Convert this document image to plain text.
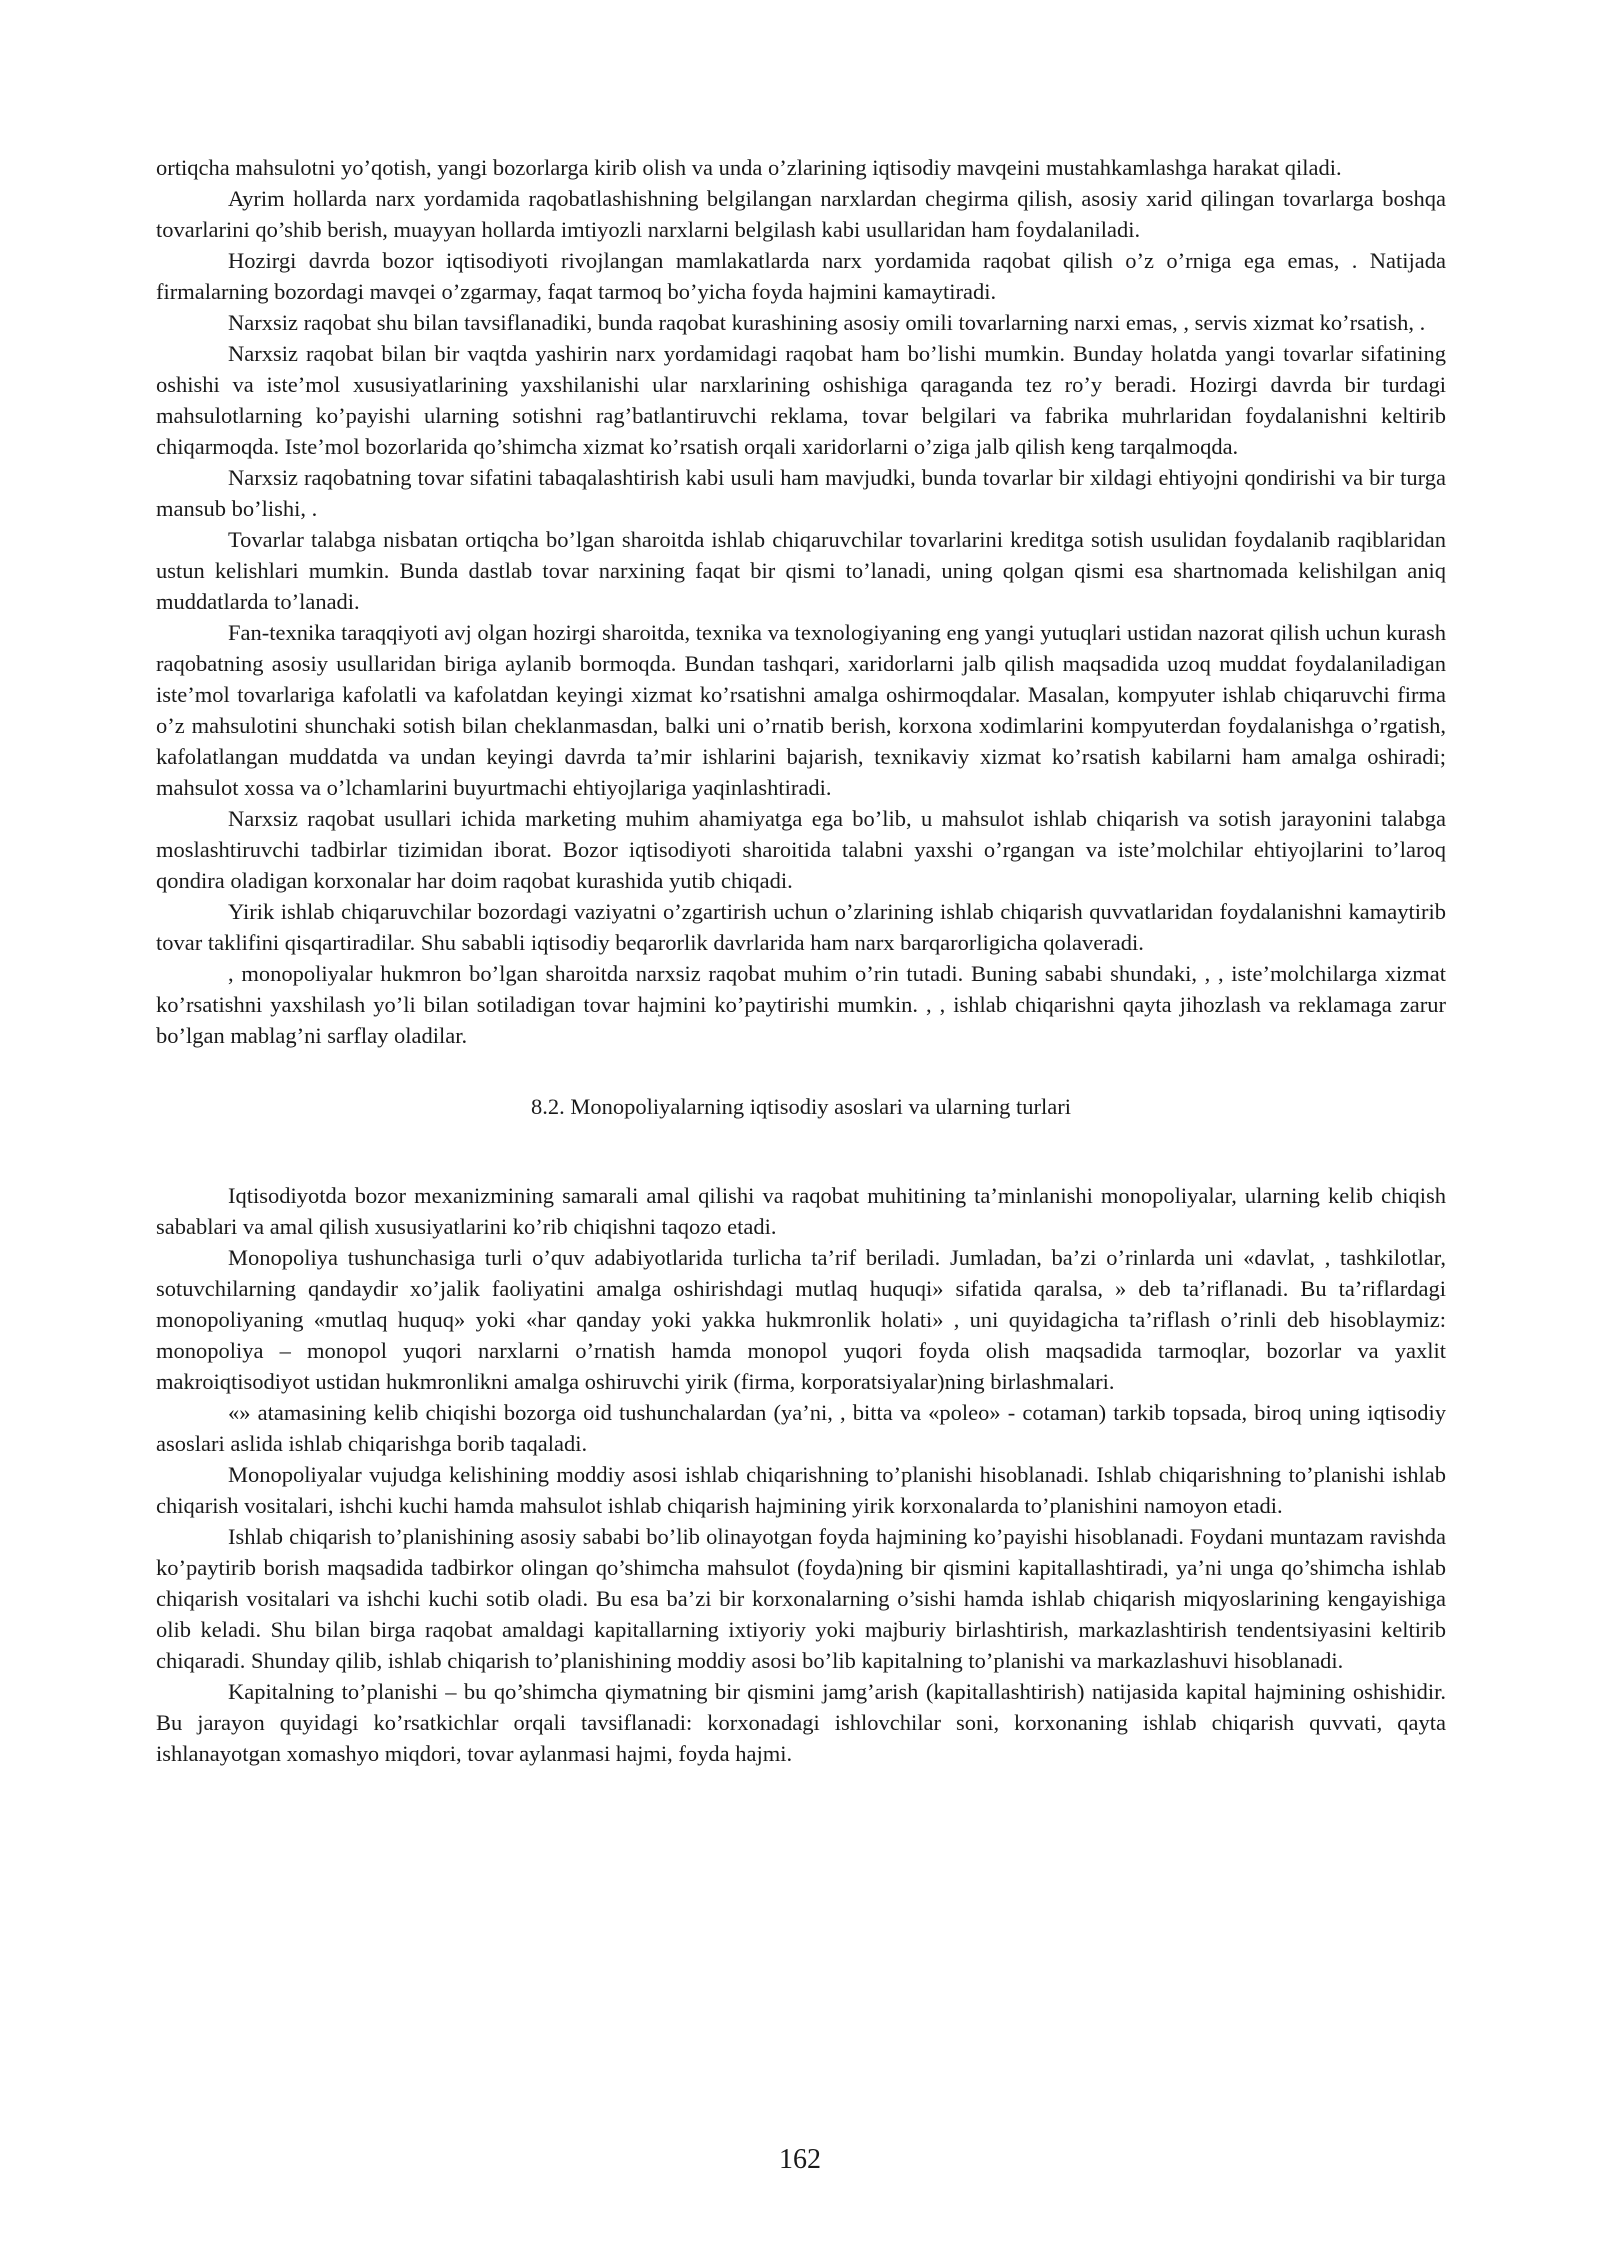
ortiqcha mahsulotni yo’qotish, yangi bozorlarga kirib olish va unda o’zlarining iqtisodiy mavqeini mustahkamlashga harakat qiladi.

Ayrim hollarda narx yordamida raqobatlashishning belgilangan narxlardan chegirma qilish, asosiy xarid qilingan tovarlarga boshqa tovarlarini qo’shib berish, muayyan hollarda imtiyozli narxlarni belgilash kabi usullaridan ham foydalaniladi.

Hozirgi davrda bozor iqtisodiyoti rivojlangan mamlakatlarda narx yordamida raqobat qilish o’z o’rniga ega emas, . Natijada firmalarning bozordagi mavqei o’zgarmay, faqat tarmoq bo’yicha foyda hajmini kamaytiradi.

Narxsiz raqobat shu bilan tavsiflanadiki, bunda raqobat kurashining asosiy omili tovarlarning narxi emas, , servis xizmat ko’rsatish, .

Narxsiz raqobat bilan bir vaqtda yashirin narx yordamidagi raqobat ham bo’lishi mumkin. Bunday holatda yangi tovarlar sifatining oshishi va iste’mol xususiyatlarining yaxshilanishi ular narxlarining oshishiga qaraganda tez ro’y beradi. Hozirgi davrda bir turdagi mahsulotlarning ko’payishi ularning sotishni rag’batlantiruvchi reklama, tovar belgilari va fabrika muhrlaridan foydalanishni keltirib chiqarmoqda. Iste’mol bozorlarida qo’shimcha xizmat ko’rsatish orqali xaridorlarni o’ziga jalb qilish keng tarqalmoqda.

Narxsiz raqobatning tovar sifatini tabaqalashtirish kabi usuli ham mavjudki, bunda tovarlar bir xildagi ehtiyojni qondirishi va bir turga mansub bo’lishi, .

Tovarlar talabga nisbatan ortiqcha bo’lgan sharoitda ishlab chiqaruvchilar tovarlarini kreditga sotish usulidan foydalanib raqiblaridan ustun kelishlari mumkin. Bunda dastlab tovar narxining faqat bir qismi to’lanadi, uning qolgan qismi esa shartnomada kelishilgan aniq muddatlarda to’lanadi.

Fan-texnika taraqqiyoti avj olgan hozirgi sharoitda, texnika va texnologiyaning eng yangi yutuqlari ustidan nazorat qilish uchun kurash raqobatning asosiy usullaridan biriga aylanib bormoqda. Bundan tashqari, xaridorlarni jalb qilish maqsadida uzoq muddat foydalaniladigan iste’mol tovarlariga kafolatli va kafolatdan keyingi xizmat ko’rsatishni amalga oshirmoqdalar. Masalan, kompyuter ishlab chiqaruvchi firma o’z mahsulotini shunchaki sotish bilan cheklanmasdan, balki uni o’rnatib berish, korxona xodimlarini kompyuterdan foydalanishga o’rgatish, kafolatlangan muddatda va undan keyingi davrda ta’mir ishlarini bajarish, texnikaviy xizmat ko’rsatish kabilarni ham amalga oshiradi; mahsulot xossa va o’lchamlarini buyurtmachi ehtiyojlariga yaqinlashtiradi.

Narxsiz raqobat usullari ichida marketing muhim ahamiyatga ega bo’lib, u mahsulot ishlab chiqarish va sotish jarayonini talabga moslashtiruvchi tadbirlar tizimidan iborat. Bozor iqtisodiyoti sharoitida talabni yaxshi o’rgangan va iste’molchilar ehtiyojlarini to’laroq qondira oladigan korxonalar har doim raqobat kurashida yutib chiqadi.

Yirik ishlab chiqaruvchilar bozordagi vaziyatni o’zgartirish uchun o’zlarining ishlab chiqarish quvvatlaridan foydalanishni kamaytirib tovar taklifini qisqartiradilar. Shu sababli iqtisodiy beqarorlik davrlarida ham narx barqarorligicha qolaveradi.

, monopoliyalar hukmron bo’lgan sharoitda narxsiz raqobat muhim o’rin tutadi. Buning sababi shundaki, , , iste’molchilarga xizmat ko’rsatishni yaxshilash yo’li bilan sotiladigan tovar hajmini ko’paytirishi mumkin. , , ishlab chiqarishni qayta jihozlash va reklamaga zarur bo’lgan mablag’ni sarflay oladilar.

8.2. Monopoliyalarning iqtisodiy asoslari va ularning turlari

Iqtisodiyotda bozor mexanizmining samarali amal qilishi va raqobat muhitining ta’minlanishi monopoliyalar, ularning kelib chiqish sabablari va amal qilish xususiyatlarini ko’rib chiqishni taqozo etadi.

Monopoliya tushunchasiga turli o’quv adabiyotlarida turlicha ta’rif beriladi. Jumladan, ba’zi o’rinlarda uni «davlat, , tashkilotlar, sotuvchilarning qandaydir xo’jalik faoliyatini amalga oshirishdagi mutlaq huquqi» sifatida qaralsa, » deb ta’riflanadi. Bu ta’riflardagi monopoliyaning «mutlaq huquq» yoki «har qanday yoki yakka hukmronlik holati» , uni quyidagicha ta’riflash o’rinli deb hisoblaymiz: monopoliya – monopol yuqori narxlarni o’rnatish hamda monopol yuqori foyda olish maqsadida tarmoqlar, bozorlar va yaxlit makroiqtisodiyot ustidan hukmronlikni amalga oshiruvchi yirik (firma, korporatsiyalar)ning birlashmalari.

«» atamasining kelib chiqishi bozorga oid tushunchalardan (ya’ni, , bitta va «poleo» - cotaman) tarkib topsada, biroq uning iqtisodiy asoslari aslida ishlab chiqarishga borib taqaladi.

Monopoliyalar vujudga kelishining moddiy asosi ishlab chiqarishning to’planishi hisoblanadi. Ishlab chiqarishning to’planishi ishlab chiqarish vositalari, ishchi kuchi hamda mahsulot ishlab chiqarish hajmining yirik korxonalarda to’planishini namoyon etadi.

Ishlab chiqarish to’planishining asosiy sababi bo’lib olinayotgan foyda hajmining ko’payishi hisoblanadi. Foydani muntazam ravishda ko’paytirib borish maqsadida tadbirkor olingan qo’shimcha mahsulot (foyda)ning bir qismini kapitallashtiradi, ya’ni unga qo’shimcha ishlab chiqarish vositalari va ishchi kuchi sotib oladi. Bu esa ba’zi bir korxonalarning o’sishi hamda ishlab chiqarish miqyoslarining kengayishiga olib keladi. Shu bilan birga raqobat amaldagi kapitallarning ixtiyoriy yoki majburiy birlashtirish, markazlashtirish tendentsiyasini keltirib chiqaradi. Shunday qilib, ishlab chiqarish to’planishining moddiy asosi bo’lib kapitalning to’planishi va markazlashuvi hisoblanadi.

Kapitalning to’planishi – bu qo’shimcha qiymatning bir qismini jamg’arish (kapitallashtirish) natijasida kapital hajmining oshishidir. Bu jarayon quyidagi ko’rsatkichlar orqali tavsiflanadi: korxonadagi ishlovchilar soni, korxonaning ishlab chiqarish quvvati, qayta ishlanayotgan xomashyo miqdori, tovar aylanmasi hajmi, foyda hajmi.

162
